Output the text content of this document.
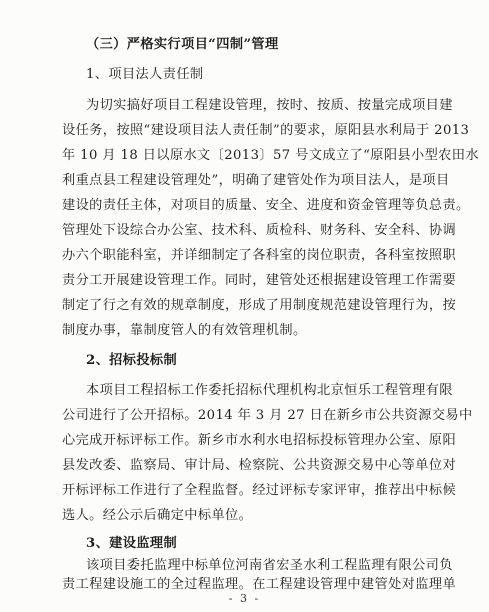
（三）严格实行项目“四制”管理
1、项目法人责任制
为切实搞好项目工程建设管理，按时、按质、按量完成项目建
设任务，按照“建设项目法人责任制”的要求，原阳县水利局于 2013
年 10 月 18 日以原水文〔2013〕57 号文成立了“原阳县小型农田水
利重点县工程建设管理处”，明确了建管处作为项目法人，是项目
建设的责任主体，对项目的质量、安全、进度和资金管理等负总责。
管理处下设综合办公室、技术科、质检科、财务科、安全科、协调
办六个职能科室，并详细制定了各科室的岗位职责，各科室按照职
责分工开展建设管理工作。同时，建管处还根据建设管理工作需要
制定了行之有效的规章制度，形成了用制度规范建设管理行为，按
制度办事，靠制度管人的有效管理机制。
2、招标投标制
本项目工程招标工作委托招标代理机构北京恒乐工程管理有限
公司进行了公开招标。2014 年 3 月 27 日在新乡市公共资源交易中
心完成开标评标工作。新乡市水利水电招标投标管理办公室、原阳
县发改委、监察局、审计局、检察院、公共资源交易中心等单位对
开标评标工作进行了全程监督。经过评标专家评审，推荐出中标候
选人。经公示后确定中标单位。
3、建设监理制
该项目委托监理中标单位河南省宏圣水利工程监理有限公司负
责工程建设施工的全过程监理。在工程建设管理中建管处对监理单
- 3 -
